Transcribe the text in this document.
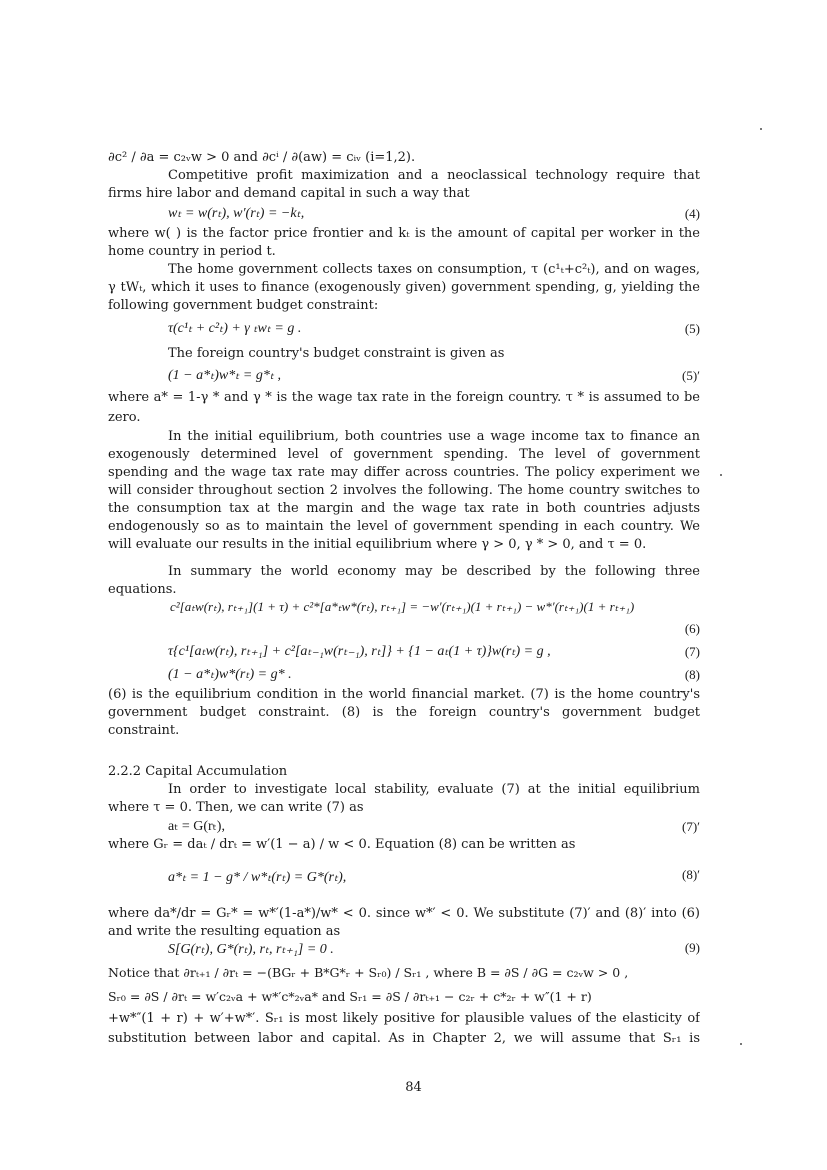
∂c² / ∂a = c₂ᵥw > 0 and ∂cⁱ / ∂(aw) = cᵢᵥ (i=1,2).
Competitive profit maximization and a neoclassical technology require that
firms hire labor and demand capital in such a way that
wₜ = w(rₜ), w′(rₜ) = −kₜ,	(4)
where w( ) is the factor price frontier and kₜ is the amount of capital per worker in the
home country in period t.
The home government collects taxes on consumption, τ (c¹ₜ+c²ₜ), and on wages,
γ tWₜ, which it uses to finance (exogenously given) government spending, g, yielding the
following government budget constraint:
τ(c¹ₜ + c²ₜ) + γ ₜwₜ = g .	(5)
The foreign country's budget constraint is given as
(1 − a*ₜ)w*ₜ = g*ₜ ,	(5)′
where a* = 1-γ * and γ * is the wage tax rate in the foreign country. τ * is assumed to be
zero.
In the initial equilibrium, both countries use a wage income tax to finance an
exogenously determined level of government spending. The level of government
spending and the wage tax rate may differ across countries. The policy experiment we
will consider throughout section 2 involves the following. The home country switches to
the consumption tax at the margin and the wage tax rate in both countries adjusts
endogenously so as to maintain the level of government spending in each country. We
will evaluate our results in the initial equilibrium where γ > 0, γ * > 0, and τ = 0.
In summary the world economy may be described by the following three
equations.
c²[aₜw(rₜ), rₜ₊₁](1 + τ) + c²*[a*ₜw*(rₜ), rₜ₊₁] = −w′(rₜ₊₁)(1 + rₜ₊₁) − w*′(rₜ₊₁)(1 + rₜ₊₁)
(6)
τ{c¹[aₜw(rₜ), rₜ₊₁] + c²[aₜ₋₁w(rₜ₋₁), rₜ]} + {1 − aₜ(1 + τ)}w(rₜ) = g ,	(7)
(1 − a*ₜ)w*(rₜ) = g* .	(8)
(6) is the equilibrium condition in the world financial market. (7) is the home country's
government budget constraint. (8) is the foreign country's government budget
constraint.
2.2.2 Capital Accumulation
In order to investigate local stability, evaluate (7) at the initial equilibrium
where τ = 0. Then, we can write (7) as
aₜ = G(rₜ),	(7)′
where Gᵣ = daₜ / drₜ = w′(1 − a) / w < 0. Equation (8) can be written as
a*ₜ = 1 − g* / w*ₜ(rₜ) = G*(rₜ),	(8)′
where da*/dr = Gᵣ* = w*′(1-a*)/w* < 0. since w*′ < 0. We substitute (7)′ and (8)′ into (6)
and write the resulting equation as
S[G(rₜ), G*(rₜ), rₜ, rₜ₊₁] = 0 .	(9)
Notice that ∂rₜ₊₁ / ∂rₜ = −(BGᵣ + B*G*ᵣ + Sᵣ₀) / Sᵣ₁ , where B = ∂S / ∂G = c₂ᵥw > 0 ,
Sᵣ₀ = ∂S / ∂rₜ = w′c₂ᵥa + w*′c*₂ᵥa* and Sᵣ₁ = ∂S / ∂rₜ₊₁ − c₂ᵣ + c*₂ᵣ + w″(1 + r)
+w*″(1 + r) + w′+w*′. Sᵣ₁ is most likely positive for plausible values of the elasticity of
substitution between labor and capital. As in Chapter 2, we will assume that Sᵣ₁ is
84
